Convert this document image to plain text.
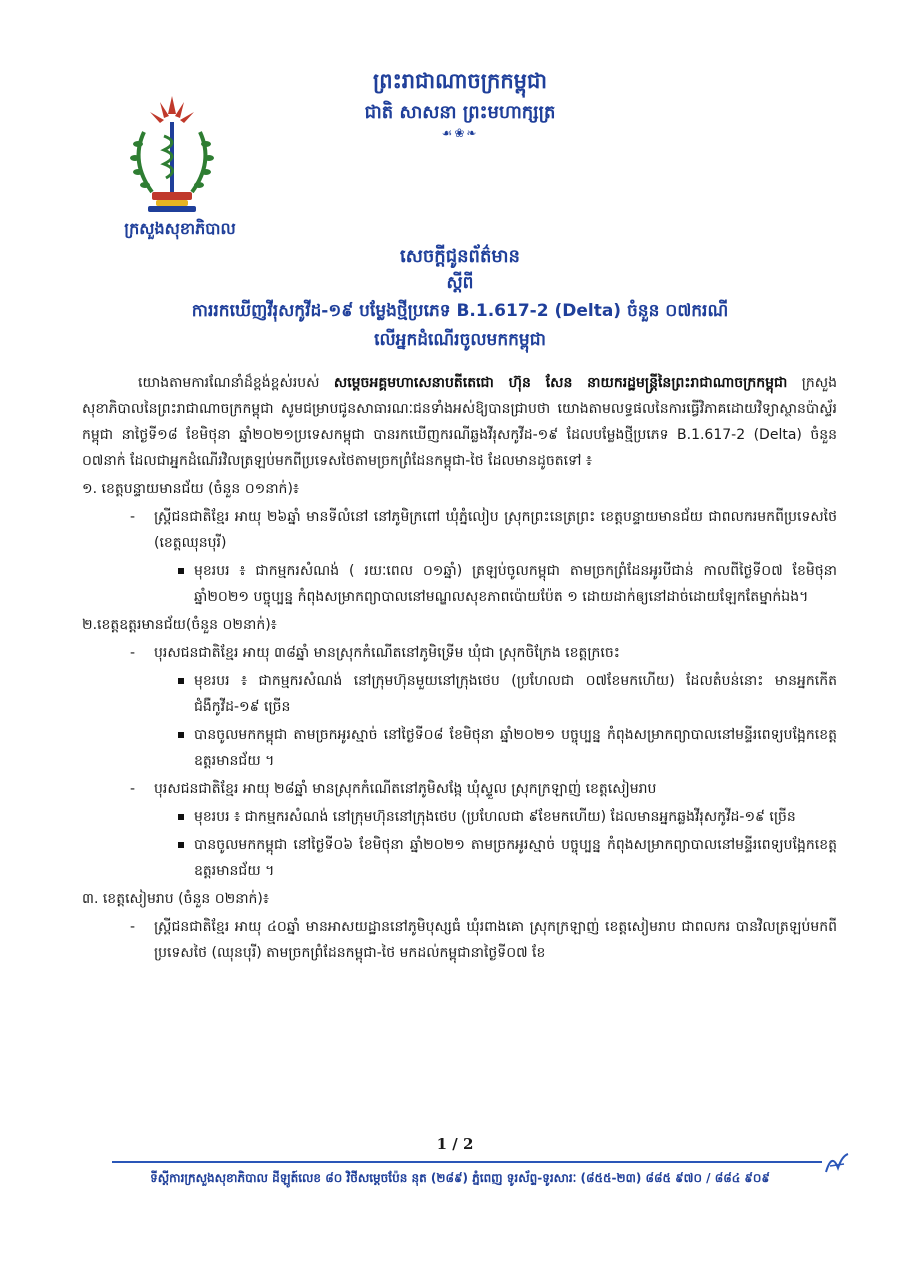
ក្រសួងសុខាភិបាល
ព្រះរាជាណាចក្រកម្ពុជា
ជាតិ សាសនា ព្រះមហាក្សត្រ
☙❀❧
សេចក្ដីជូនព័ត៌មាន
ស្ដីពី
ការរកឃើញវីរុសកូវីដ-១៩ បម្លែងថ្មីប្រភេទ B.1.617-2 (Delta) ចំនួន ០៧ករណី
លើអ្នកដំណើរចូលមកកម្ពុជា

យោងតាមការណែនាំដ៏ខ្ពង់ខ្ពស់របស់ សម្ដេចអគ្គមហាសេនាបតីតេជោ ហ៊ុន សែន នាយករដ្ឋមន្ត្រីនៃព្រះរាជាណាចក្រកម្ពុជា ក្រសួងសុខាភិបាលនៃព្រះរាជាណាចក្រកម្ពុជា សូមជម្រាបជូនសាធារណៈជនទាំងអស់ឱ្យបានជ្រាបថា យោងតាមលទ្ធផលនៃការធ្វើវិភាគដោយវិទ្យាស្ថានប៉ាស្ទ័រកម្ពុជា នាថ្ងៃទី១៨ ខែមិថុនា ឆ្នាំ២០២១ប្រទេសកម្ពុជា បានរកឃើញករណីឆ្លងវីរុសកូវីដ-១៩ ដែលបម្លែងថ្មីប្រភេទ B.1.617-2 (Delta) ចំនួន ០៧នាក់ ដែលជាអ្នកដំណើរវិលត្រឡប់មកពីប្រទេសថៃតាមច្រកព្រំដែនកម្ពុជា-ថៃ ដែលមានដូចតទៅ ៖

១. ខេត្តបន្ទាយមានជ័យ (ចំនួន ០១នាក់)៖
- ស្ត្រីជនជាតិខ្មែរ អាយុ ២៦ឆ្នាំ មានទីលំនៅ នៅភូមិក្រពៅ ឃុំភ្នំលៀប ស្រុកព្រះនេត្រព្រះ ខេត្តបន្ទាយមានជ័យ ជាពលករមកពីប្រទេសថៃ (ខេត្តឈុនបុរី)
មុខរបរ ៖ ជាកម្មករសំណង់ ( រយៈពេល ០១ឆ្នាំ) ត្រឡប់ចូលកម្ពុជា តាមច្រកព្រំដែនអូរបីជាន់ កាលពីថ្ងៃទី០៧ ខែមិថុនា ឆ្នាំ២០២១ បច្ចុប្បន្ន កំពុងសម្រាកព្យាបាលនៅមណ្ឌលសុខភាពប៉ោយប៉ែត ១ ដោយដាក់ឲ្យនៅដាច់ដោយឡែកតែម្នាក់ឯង។
២.ខេត្តឧត្ដរមានជ័យ(ចំនួន ០២នាក់)៖
- បុរសជនជាតិខ្មែរ អាយុ ៣៨ឆ្នាំ មានស្រុកកំណើតនៅភូមិទ្រើម ឃុំជា ស្រុកចិក្រែង ខេត្តក្រចេះ
មុខរបរ ៖ ជាកម្មករសំណង់ នៅក្រុមហ៊ុនមួយនៅក្រុងថេប (ប្រហែលជា ០៧ខែមកហើយ) ដែលតំបន់នោះ មានអ្នកកើតជំងឺកូវីដ-១៩ ច្រើន
បានចូលមកកម្ពុជា តាមច្រកអូរស្មាច់ នៅថ្ងៃទី០៨ ខែមិថុនា ឆ្នាំ២០២១ បច្ចុប្បន្ន កំពុងសម្រាកព្យាបាលនៅមន្ទីរពេទ្យបង្អែកខេត្តឧត្ដរមានជ័យ ។
- បុរសជនជាតិខ្មែរ អាយុ ២៨ឆ្នាំ មានស្រុកកំណើតនៅភូមិសង្កែ ឃុំស្ទួល ស្រុកក្រឡាញ់ ខេត្តសៀមរាប
មុខរបរ ៖ ជាកម្មករសំណង់ នៅក្រុមហ៊ុននៅក្រុងថេប (ប្រហែលជា ៩ខែមកហើយ) ដែលមានអ្នកឆ្លងវីរុសកូវីដ-១៩ ច្រើន
បានចូលមកកម្ពុជា នៅថ្ងៃទី០៦ ខែមិថុនា ឆ្នាំ២០២១ តាមច្រកអូរស្មាច់ បច្ចុប្បន្ន កំពុងសម្រាកព្យាបាលនៅមន្ទីរពេទ្យបង្អែកខេត្តឧត្ដរមានជ័យ ។
៣. ខេត្តសៀមរាប (ចំនួន ០២នាក់)៖
- ស្ត្រីជនជាតិខ្មែរ អាយុ ៤០ឆ្នាំ មានអាសយដ្ឋាននៅភូមិបុស្សធំ ឃុំរពាងគោ ស្រុកក្រឡាញ់ ខេត្តសៀមរាប ជាពលករ បានវិលត្រឡប់មកពីប្រទេសថៃ (ឈុនបុរី) តាមច្រកព្រំដែនកម្ពុជា-ថៃ មកដល់កម្ពុជានាថ្ងៃទី០៧ ខែ
1 / 2
ទីស្តីការក្រសួងសុខាភិបាល ដីឡូត៍លេខ ៨០ វិថីសម្ដេចប៉ែន នុត (២៨៩) ភ្នំពេញ ទូរស័ព្ទ-ទូរសារៈ (៨៥៥-២៣) ៨៨៥ ៩៧០ / ៨៨៤ ៩០៩
